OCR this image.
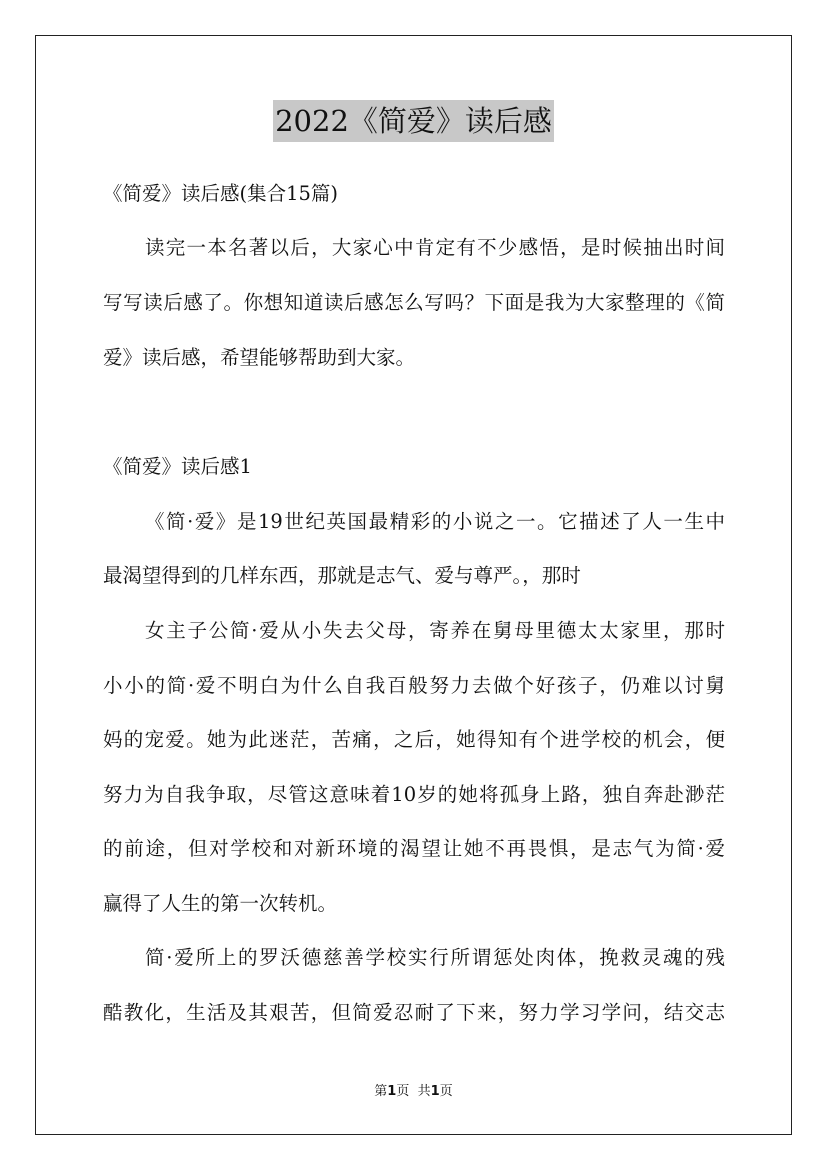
2022《简爱》读后感
《简爱》读后感(集合15篇)
读完一本名著以后，大家心中肯定有不少感悟，是时候抽出时间
写写读后感了。你想知道读后感怎么写吗？下面是我为大家整理的《简
爱》读后感，希望能够帮助到大家。
《简爱》读后感1
《简·爱》是19世纪英国最精彩的小说之一。它描述了人一生中
最渴望得到的几样东西，那就是志气、爱与尊严。，那时
女主子公简·爱从小失去父母，寄养在舅母里德太太家里，那时
小小的简·爱不明白为什么自我百般努力去做个好孩子，仍难以讨舅
妈的宠爱。她为此迷茫，苦痛，之后，她得知有个进学校的机会，便
努力为自我争取，尽管这意味着10岁的她将孤身上路，独自奔赴渺茫
的前途，但对学校和对新环境的渴望让她不再畏惧，是志气为简·爱
赢得了人生的第一次转机。
简·爱所上的罗沃德慈善学校实行所谓惩处肉体，挽救灵魂的残
酷教化，生活及其艰苦，但简爱忍耐了下来，努力学习学问，结交志
第1页 共1页
